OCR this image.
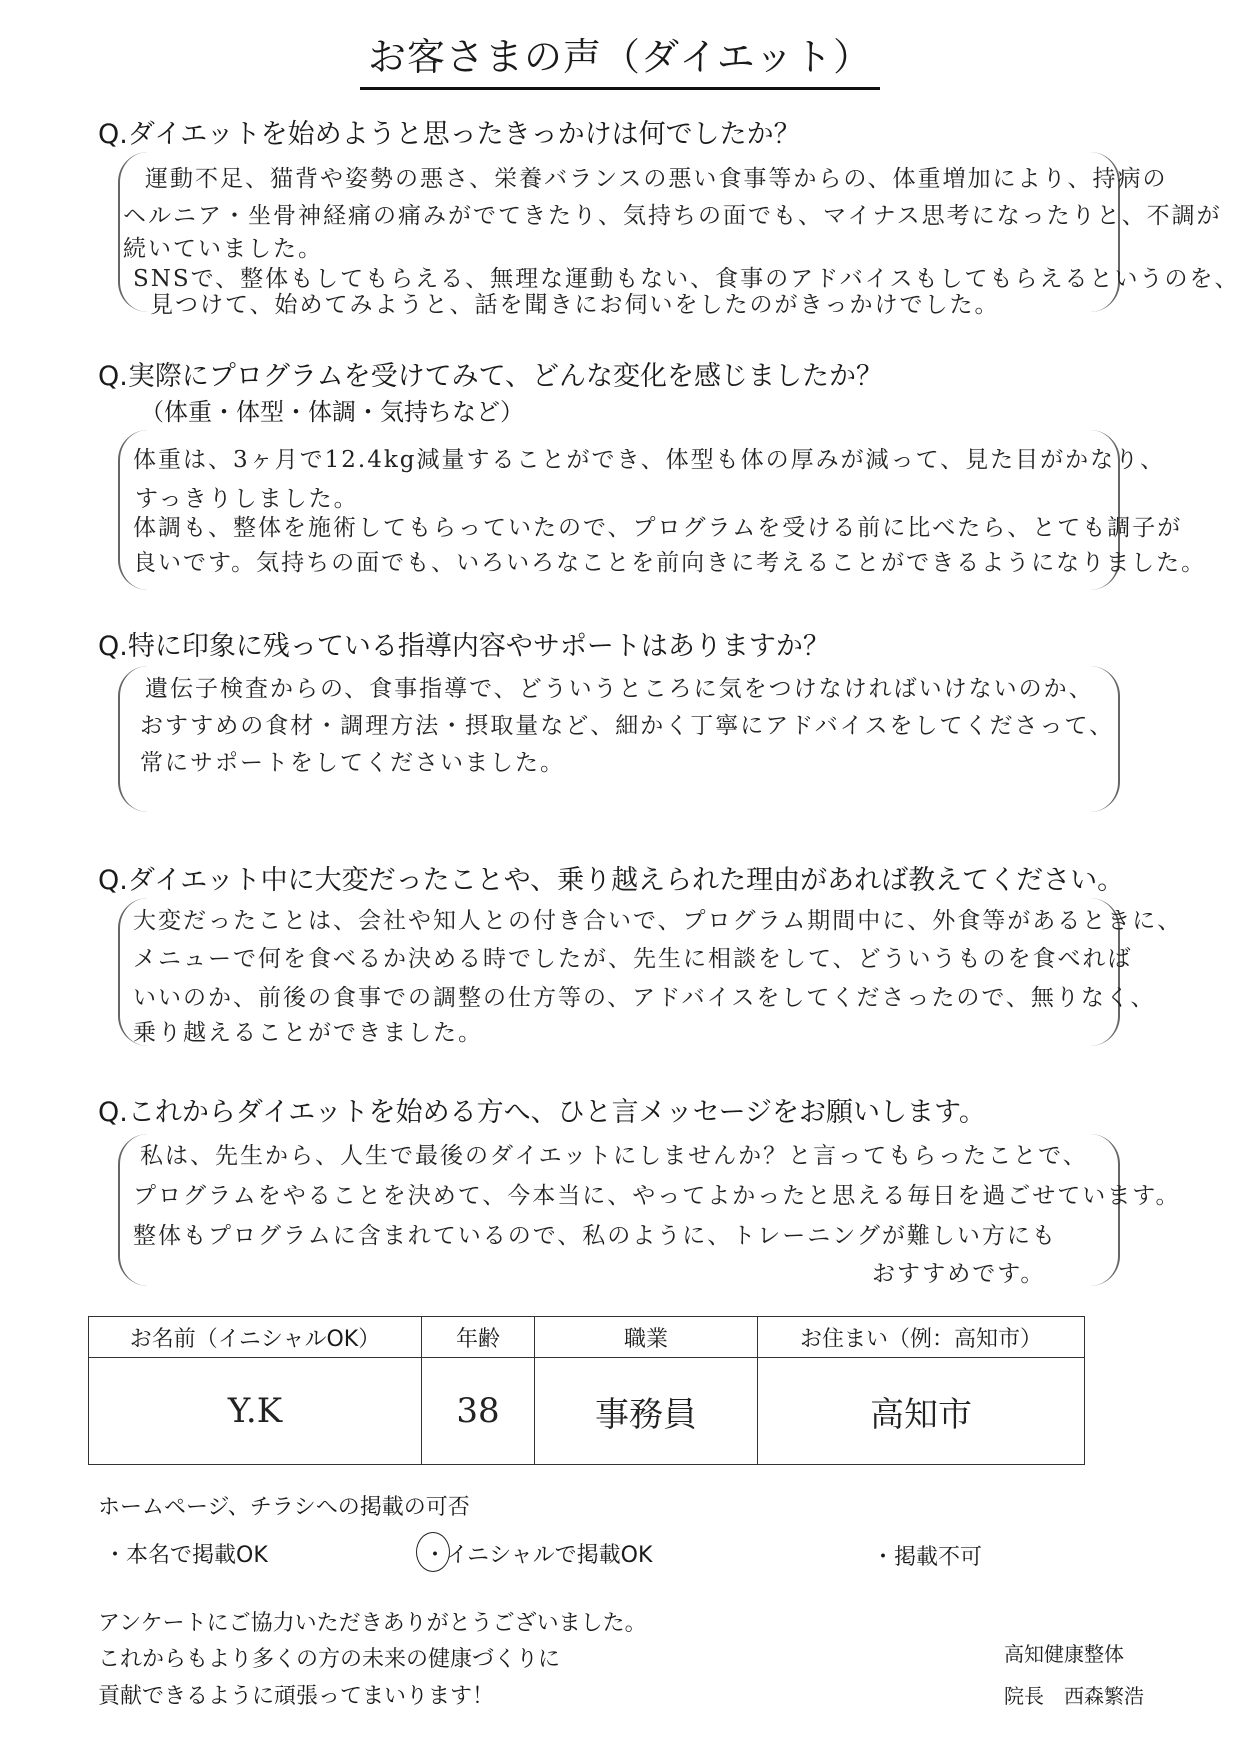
お客さまの声（ダイエット）
Q.ダイエットを始めようと思ったきっかけは何でしたか？
運動不足、猫背や姿勢の悪さ、栄養バランスの悪い食事等からの、体重増加により、持病の
ヘルニア・坐骨神経痛の痛みがでてきたり、気持ちの面でも、マイナス思考になったりと、不調が
続いていました。
SNSで、整体もしてもらえる、無理な運動もない、食事のアドバイスもしてもらえるというのを、
見つけて、始めてみようと、話を聞きにお伺いをしたのがきっかけでした。
Q.実際にプログラムを受けてみて、どんな変化を感じましたか？
（体重・体型・体調・気持ちなど）
体重は、3ヶ月で12.4kg減量することができ、体型も体の厚みが減って、見た目がかなり、
すっきりしました。
体調も、整体を施術してもらっていたので、プログラムを受ける前に比べたら、とても調子が
良いです。気持ちの面でも、いろいろなことを前向きに考えることができるようになりました。
Q.特に印象に残っている指導内容やサポートはありますか？
遺伝子検査からの、食事指導で、どういうところに気をつけなければいけないのか、
おすすめの食材・調理方法・摂取量など、細かく丁寧にアドバイスをしてくださって、
常にサポートをしてくださいました。
Q.ダイエット中に大変だったことや、乗り越えられた理由があれば教えてください。
大変だったことは、会社や知人との付き合いで、プログラム期間中に、外食等があるときに、
メニューで何を食べるか決める時でしたが、先生に相談をして、どういうものを食べれば
いいのか、前後の食事での調整の仕方等の、アドバイスをしてくださったので、無りなく、
乗り越えることができました。
Q.これからダイエットを始める方へ、ひと言メッセージをお願いします。
私は、先生から、人生で最後のダイエットにしませんか？と言ってもらったことで、
プログラムをやることを決めて、今本当に、やってよかったと思える毎日を過ごせています。
整体もプログラムに含まれているので、私のように、トレーニングが難しい方にも
おすすめです。
お名前（イニシャルOK）	年齢	職業	お住まい（例：高知市）
Y.K	38	事務員	高知市
ホームページ、チラシへの掲載の可否
・本名で掲載OK	・イニシャルで掲載OK	・掲載不可
アンケートにご協力いただきありがとうございました。
これからもより多くの方の未来の健康づくりに
貢献できるように頑張ってまいります！
高知健康整体
院長　西森繁浩
